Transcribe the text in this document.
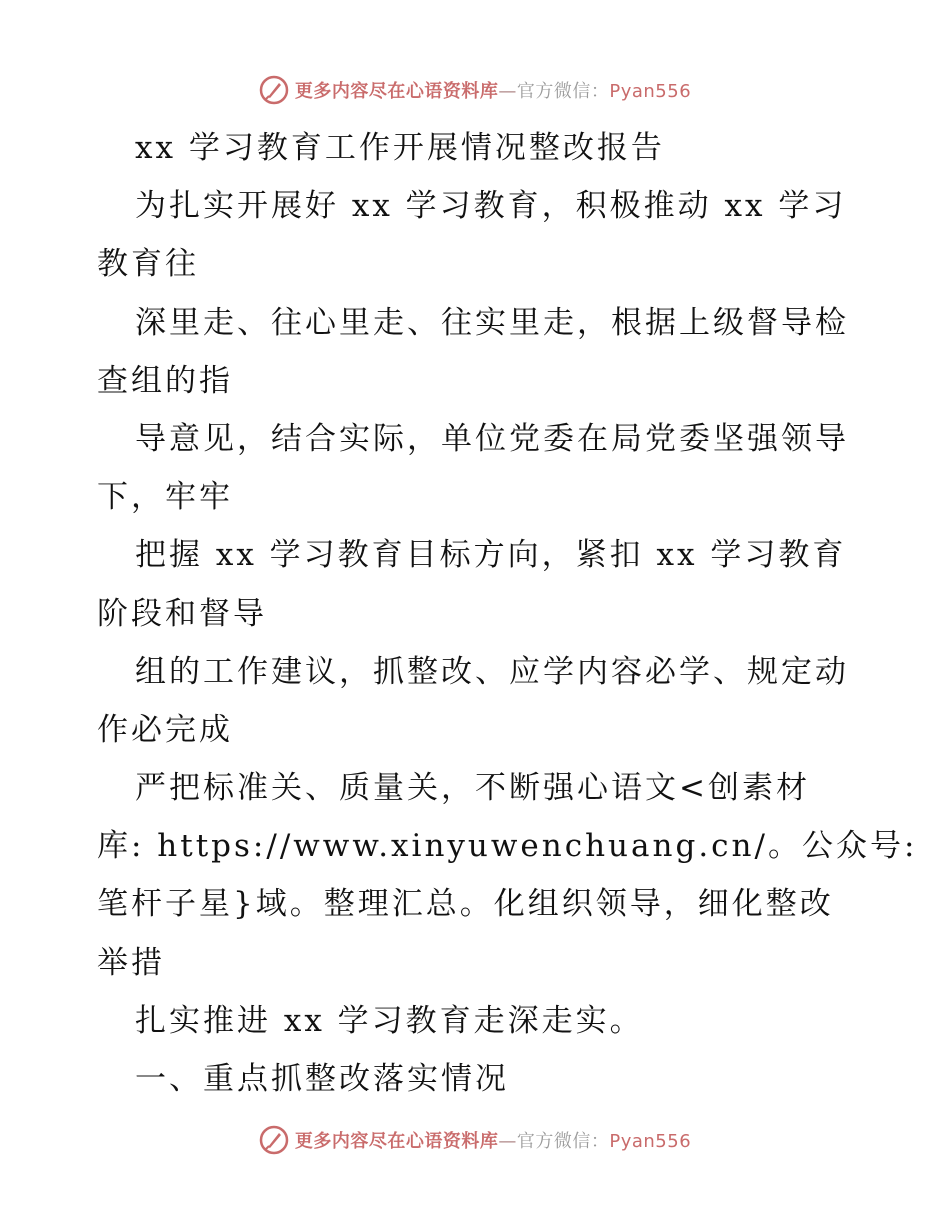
更多内容尽在心语资料库—官方微信：Pyan556
xx 学习教育工作开展情况整改报告
为扎实开展好 xx 学习教育，积极推动 xx 学习
教育往
深里走、往心里走、往实里走，根据上级督导检
查组的指
导意见，结合实际，单位党委在局党委坚强领导
下，牢牢
把握 xx 学习教育目标方向，紧扣 xx 学习教育
阶段和督导
组的工作建议，抓整改、应学内容必学、规定动
作必完成
严把标准关、质量关，不断强心语文<创素材
库: https://www.xinyuwenchuang.cn/。公众号:
笔杆子星}域。整理汇总。化组织领导，细化整改
举措
扎实推进 xx 学习教育走深走实。
一、重点抓整改落实情况
更多内容尽在心语资料库—官方微信：Pyan556
